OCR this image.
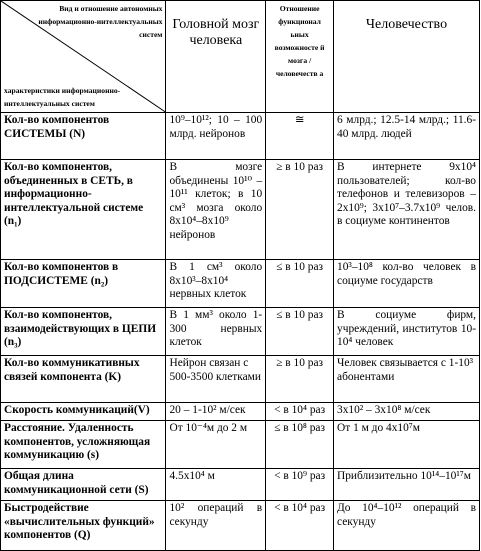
Вид и отношение автономных информационно-интеллектуальных систем
характеристики информационно-интеллектуальных систем	Головной мозг человека	Отношение функционал ьных возможносте й мозга / человечеств а	Человечество
Кол-во компонентов СИСТЕМЫ (N)	10⁹–10¹²; 10 – 100 млрд. нейронов	≅	6 млрд.; 12.5-14 млрд.; 11.6-40 млрд. людей
Кол-во компонентов, объединенных в СЕТЬ, в информационно-интеллектуальной системе (n₁)	В мозге объединены 10¹⁰ –10¹¹ клеток; в 10 см³ мозга около 8x10⁴–8x10⁹ нейронов	≥ в 10 раз	В интернете 9x10⁴ пользователей; кол-во телефонов и телевизоров – 2x10⁹; 3x10⁷–3.7x10⁹ челов. в социуме континентов
Кол-во компонентов в ПОДСИСТЕМЕ (n₂)	В 1 см³ около 8x10³–8x10⁴ нервных клеток	≤ в 10 раз	10³–10⁸ кол-во человек в социуме государств
Кол-во компонентов, взаимодействующих в ЦЕПИ (n₃)	В 1 мм³ около 1-300 нервных клеток	≤ в 10 раз	В социуме фирм, учреждений, институтов 10-10⁴ человек
Кол-во коммуникативных связей компонента (K)	Нейрон связан с 500-3500 клетками	≥ в 10 раз	Человек связывается с 1-10³ абонентами
Скорость коммуникаций(V)	20 – 1-10² м/сек	< в 10⁴ раз	3x10² – 3x10⁸ м/сек
Расстояние. Удаленность компонентов, усложняющая коммуникацию (s)	От 10⁻⁴м до 2 м	≤ в 10⁸ раз	От 1 м до 4x10⁷м
Общая длина коммуникационной сети (S)	4.5x10⁴ м	< в 10⁹ раз	Приблизительно 10¹⁴–10¹⁷м
Быстродействие «вычислительных функций» компонентов (Q)	10² операций в секунду	< в 10⁴ раз	До 10⁴–10¹² операций в секунду
